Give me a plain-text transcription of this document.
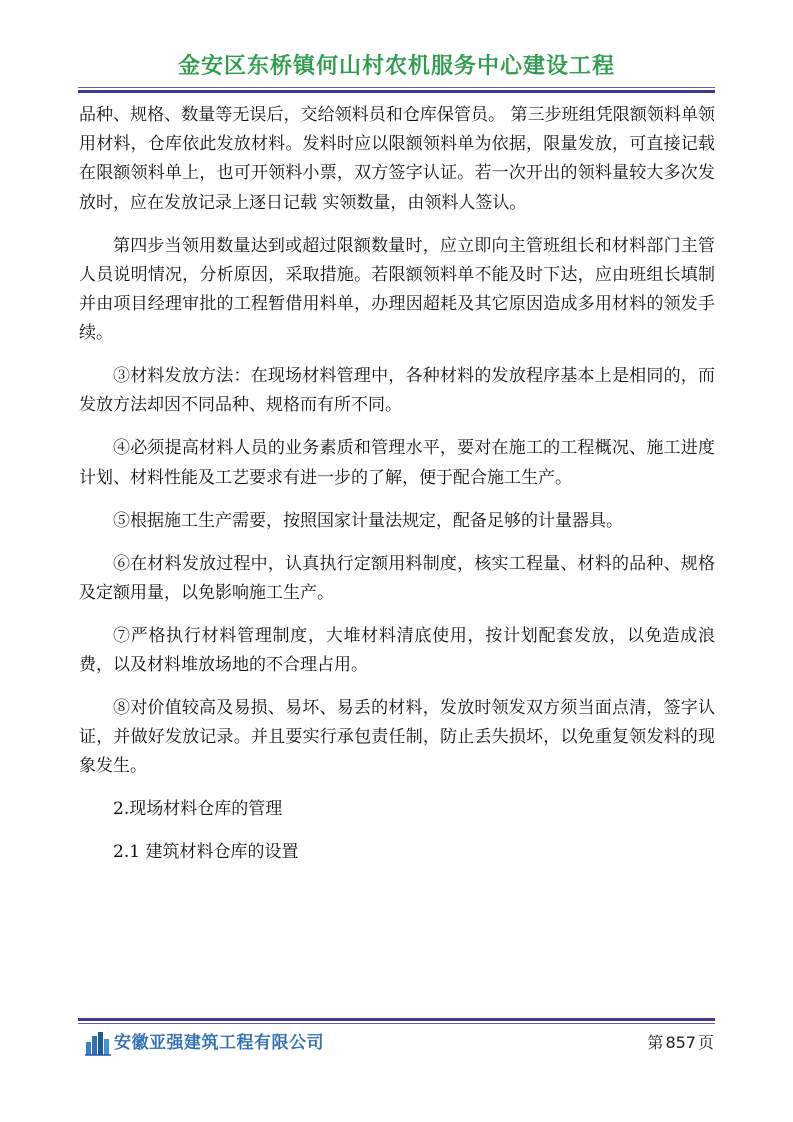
金安区东桥镇何山村农机服务中心建设工程

品种、规格、数量等无误后，交给领料员和仓库保管员。 第三步班组凭限额领料单领用材料，仓库依此发放材料。发料时应以限额领料单为依据，限量发放，可直接记载在限额领料单上，也可开领料小票，双方签字认证。若一次开出的领料量较大多次发放时，应在发放记录上逐日记载 实领数量，由领料人签认。

第四步当领用数量达到或超过限额数量时，应立即向主管班组长和材料部门主管人员说明情况，分析原因，采取措施。若限额领料单不能及时下达，应由班组长填制并由项目经理审批的工程暂借用料单，办理因超耗及其它原因造成多用材料的领发手续。

③材料发放方法：在现场材料管理中，各种材料的发放程序基本上是相同的，而发放方法却因不同品种、规格而有所不同。

④必须提高材料人员的业务素质和管理水平，要对在施工的工程概况、施工进度计划、材料性能及工艺要求有进一步的了解，便于配合施工生产。

⑤根据施工生产需要，按照国家计量法规定，配备足够的计量器具。

⑥在材料发放过程中，认真执行定额用料制度，核实工程量、材料的品种、规格及定额用量，以免影响施工生产。

⑦严格执行材料管理制度，大堆材料清底使用，按计划配套发放，以免造成浪费，以及材料堆放场地的不合理占用。

⑧对价值较高及易损、易坏、易丢的材料，发放时领发双方须当面点清，签字认证，并做好发放记录。并且要实行承包责任制，防止丢失损坏，以免重复领发料的现象发生。

2.现场材料仓库的管理

2.1 建筑材料仓库的设置

安徽亚强建筑工程有限公司	第 857 页
